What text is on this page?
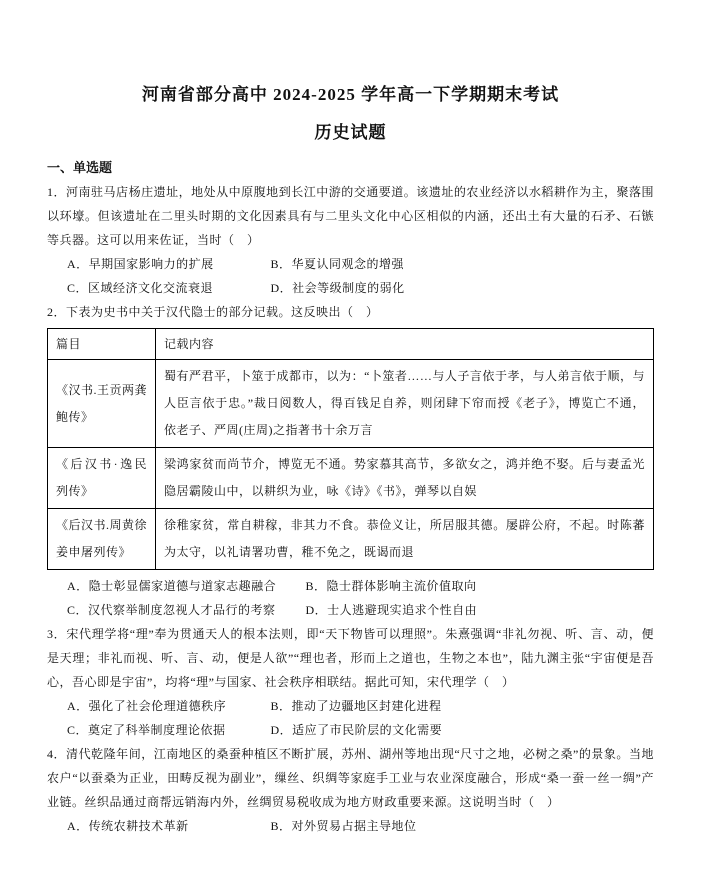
河南省部分高中 2024-2025 学年高一下学期期末考试
历史试题
一、单选题

1．河南驻马店杨庄遗址，地处从中原腹地到长江中游的交通要道。该遗址的农业经济以水稻耕作为主，聚落围以环壕。但该遗址在二里头时期的文化因素具有与二里头文化中心区相似的内涵，还出土有大量的石矛、石镞等兵器。这可以用来佐证，当时（　）

A．早期国家影响力的扩展	B．华夏认同观念的增强
C．区域经济文化交流衰退	D．社会等级制度的弱化

2．下表为史书中关于汉代隐士的部分记载。这反映出（　）

篇目	记载内容
《汉书.王贡两龚鲍传》	蜀有严君平，卜筮于成都市，以为：“卜筮者……与人子言依于孝，与人弟言依于顺，与人臣言依于忠。”裁日阅数人，得百钱足自养，则闭肆下帘而授《老子》，博览亡不通，依老子、严周(庄周)之指著书十余万言
《后汉书·逸民列传》	梁鸿家贫而尚节介，博览无不通。势家慕其高节，多欲女之，鸿并绝不娶。后与妻孟光隐居霸陵山中，以耕织为业，咏《诗》《书》，弹琴以自娱
《后汉书.周黄徐姜申屠列传》	徐稚家贫，常自耕稼，非其力不食。恭俭义让，所居服其德。屡辟公府，不起。时陈蕃为太守，以礼请署功曹，稚不免之，既谒而退
A．隐士彰显儒家道德与道家志趣融合 B．隐士群体影响主流价值取向
C．汉代察举制度忽视人才品行的考察 D．士人逃避现实追求个性自由

3．宋代理学将“理”奉为贯通天人的根本法则，即“天下物皆可以理照”。朱熹强调“非礼勿视、听、言、动，便是天理；非礼而视、听、言、动，便是人欲”“理也者，形而上之道也，生物之本也”，陆九渊主张“宇宙便是吾心，吾心即是宇宙”，均将“理”与国家、社会秩序相联结。据此可知，宋代理学（　）

A．强化了社会伦理道德秩序	B．推动了边疆地区封建化进程
C．奠定了科举制度理论依据	D．适应了市民阶层的文化需要

4．清代乾隆年间，江南地区的桑蚕种植区不断扩展，苏州、湖州等地出现“尺寸之地，必树之桑”的景象。当地农户“以蚕桑为正业，田畴反视为副业”，缫丝、织绸等家庭手工业与农业深度融合，形成“桑一蚕一丝一绸”产业链。丝织品通过商帮远销海内外，丝绸贸易税收成为地方财政重要来源。这说明当时（　）

A．传统农耕技术革新	B．对外贸易占据主导地位
